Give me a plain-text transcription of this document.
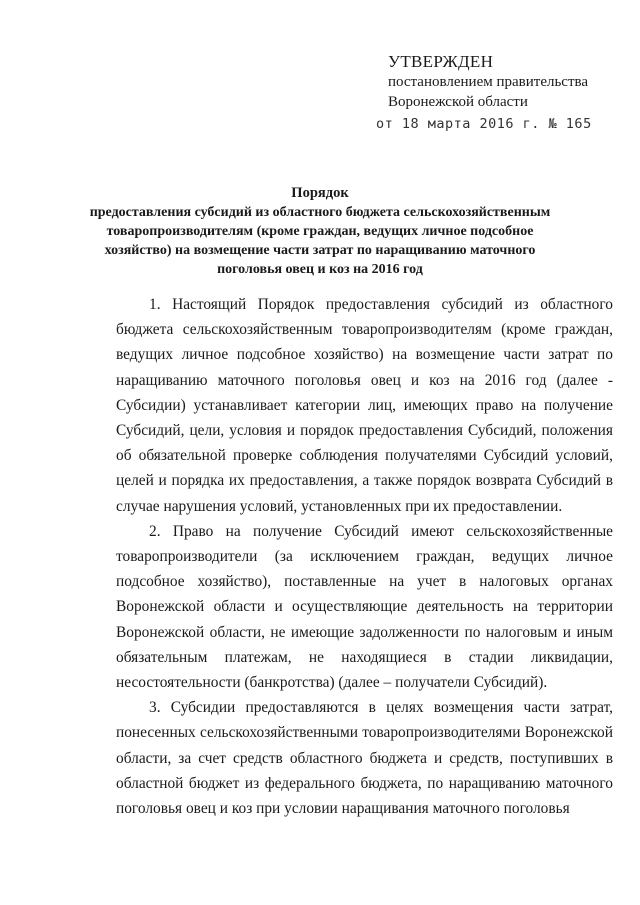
УТВЕРЖДЕН
постановлением правительства
Воронежской области
от 18 марта 2016 г. № 165
Порядок
предоставления субсидий из областного бюджета сельскохозяйственным
товаропроизводителям (кроме граждан, ведущих личное подсобное
хозяйство) на возмещение части затрат по наращиванию маточного
поголовья овец и коз на 2016 год

1. Настоящий Порядок предоставления субсидий из областного бюджета сельскохозяйственным товаропроизводителям (кроме граждан, ведущих личное подсобное хозяйство) на возмещение части затрат по наращиванию маточного поголовья овец и коз на 2016 год (далее - Субсидии) устанавливает категории лиц, имеющих право на получение Субсидий, цели, условия и порядок предоставления Субсидий, положения об обязательной проверке соблюдения получателями Субсидий условий, целей и порядка их предоставления, а также порядок возврата Субсидий в случае нарушения условий, установленных при их предоставлении.

2. Право на получение Субсидий имеют сельскохозяйственные товаропроизводители (за исключением граждан, ведущих личное подсобное хозяйство), поставленные на учет в налоговых органах Воронежской области и осуществляющие деятельность на территории Воронежской области, не имеющие задолженности по налоговым и иным обязательным платежам, не находящиеся в стадии ликвидации, несостоятельности (банкротства) (далее – получатели Субсидий).

3. Субсидии предоставляются в целях возмещения части затрат, понесенных сельскохозяйственными товаропроизводителями Воронежской области, за счет средств областного бюджета и средств, поступивших в областной бюджет из федерального бюджета, по наращиванию маточного поголовья овец и коз при условии наращивания маточного поголовья
